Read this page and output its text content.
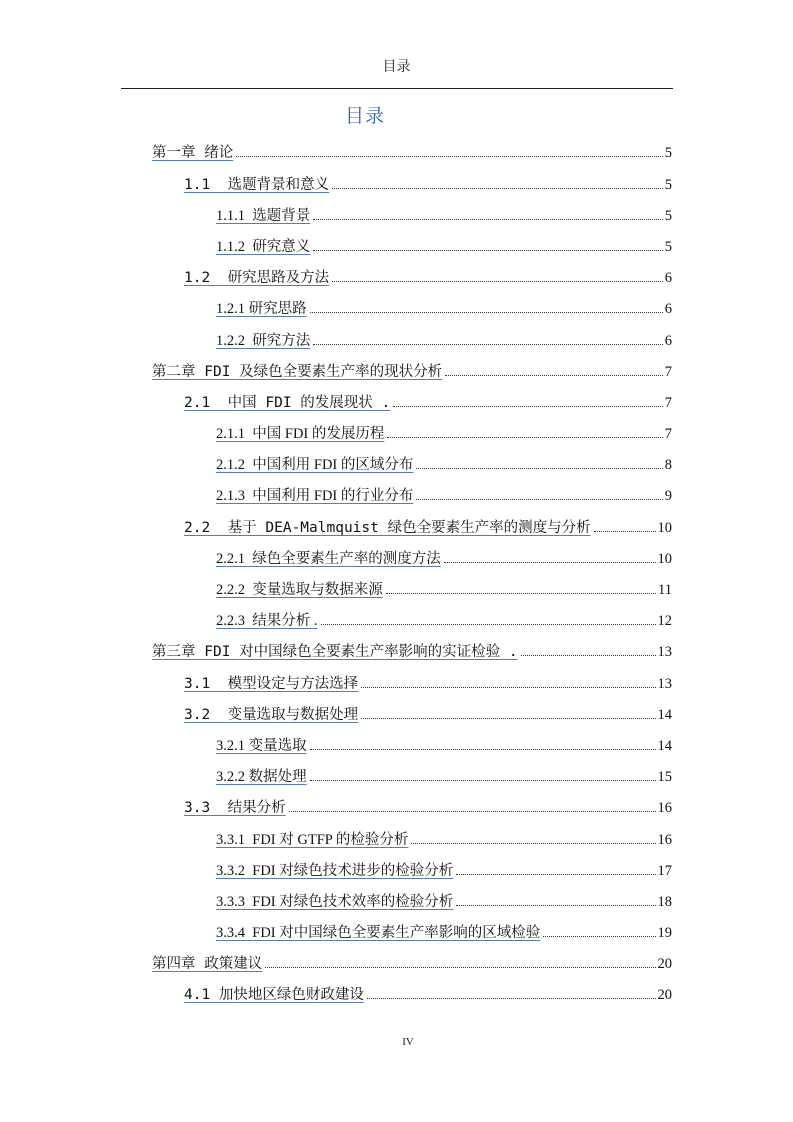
目录
目录
第一章 绪论	5
1.1  选题背景和意义	5
1.1.1  选题背景	5
1.1.2  研究意义	5
1.2  研究思路及方法	6
1.2.1 研究思路	6
1.2.2  研究方法	6
第二章 FDI 及绿色全要素生产率的现状分析	7
2.1  中国 FDI 的发展现状 .	7
2.1.1  中国 FDI 的发展历程	7
2.1.2  中国利用 FDI 的区域分布	8
2.1.3  中国利用 FDI 的行业分布	9
2.2  基于 DEA-Malmquist 绿色全要素生产率的测度与分析	10
2.2.1  绿色全要素生产率的测度方法	10
2.2.2  变量选取与数据来源	11
2.2.3  结果分析 .	12
第三章 FDI 对中国绿色全要素生产率影响的实证检验 .	13
3.1  模型设定与方法选择	13
3.2  变量选取与数据处理	14
3.2.1 变量选取	14
3.2.2 数据处理	15
3.3  结果分析	16
3.3.1  FDI 对 GTFP 的检验分析	16
3.3.2  FDI 对绿色技术进步的检验分析	17
3.3.3  FDI 对绿色技术效率的检验分析	18
3.3.4  FDI 对中国绿色全要素生产率影响的区域检验	19
第四章 政策建议	20
4.1 加快地区绿色财政建设	20
IV
